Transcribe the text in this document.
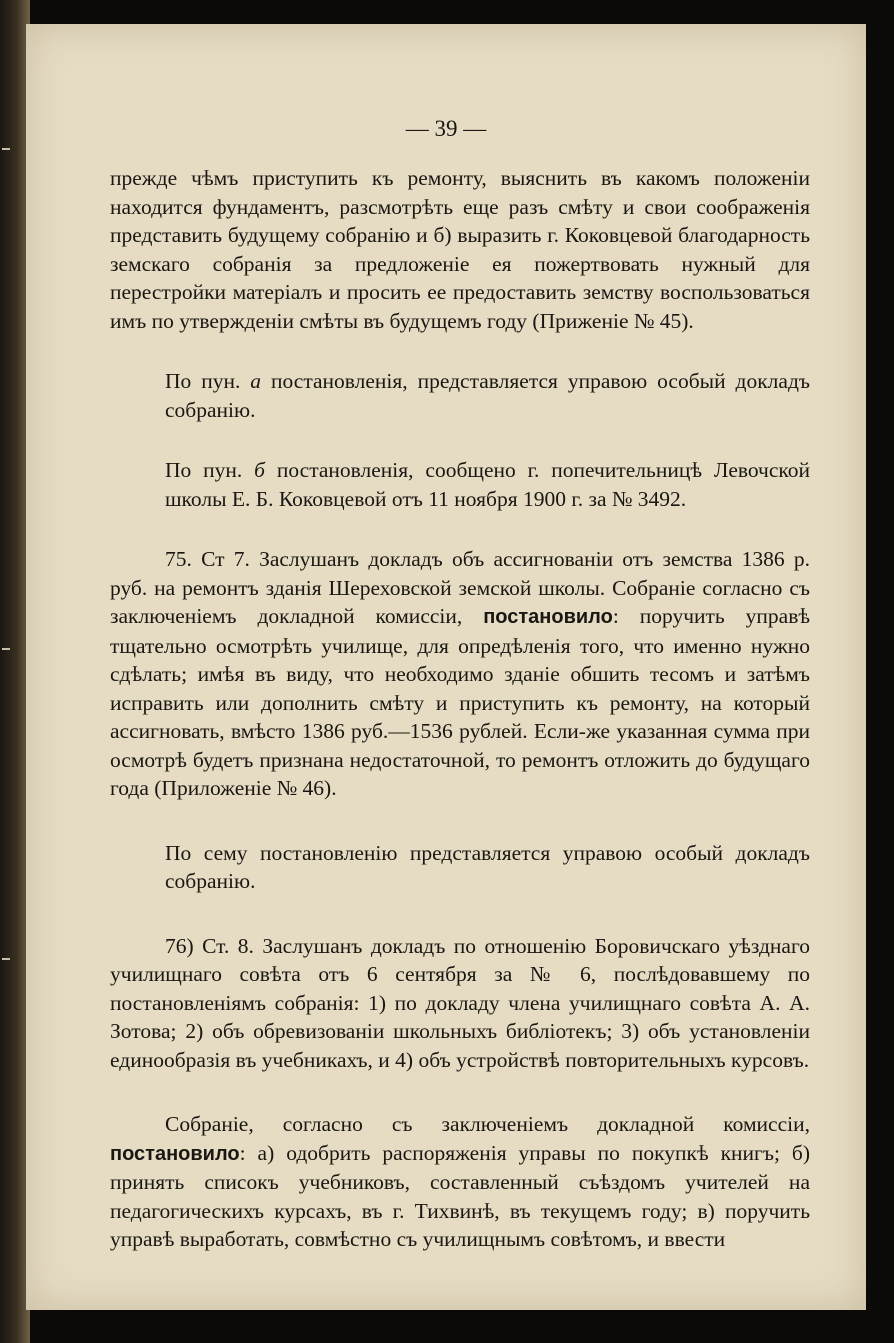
— 39 —

прежде чѣмъ приступить къ ремонту, выяснить въ какомъ положеніи находится фундаментъ, разсмотрѣть еще разъ смѣту и свои соображенія представить будущему собранію и б) выразить г. Коковцевой благодарность земскаго собранія за предложеніе ея пожертвовать нужный для перестройки матеріалъ и просить ее предоставить земству воспользоваться имъ по утвержденіи смѣты въ будущемъ году (Приженіе № 45).

По пун. а постановленія, представляется управою особый докладъ собранію.

По пун. б постановленія, сообщено г. попечительницѣ Левочской школы Е. Б. Коковцевой отъ 11 ноября 1900 г. за № 3492.

75. Ст 7. Заслушанъ докладъ объ ассигнованіи отъ земства 1386 р. руб. на ремонтъ зданія Шереховской земской школы. Собраніе согласно съ заключеніемъ докладной комиссіи, постановило: поручить управѣ тщательно осмотрѣть училище, для опредѣленія того, что именно нужно сдѣлать; имѣя въ виду, что необходимо зданіе обшить тесомъ и затѣмъ исправить или дополнить смѣту и приступить къ ремонту, на который ассигновать, вмѣсто 1386 руб.—1536 рублей. Если-же указанная сумма при осмотрѣ будетъ признана недостаточной, то ремонтъ отложить до будущаго года (Приложеніе № 46).

По сему постановленію представляется управою особый докладъ собранію.

76) Ст. 8. Заслушанъ докладъ по отношенію Боровичскаго уѣзднаго училищнаго совѣта отъ 6 сентября за № 6, послѣдовавшему по постановленіямъ собранія: 1) по докладу члена училищнаго совѣта А. А. Зотова; 2) объ обревизованіи школьныхъ библіотекъ; 3) объ установленіи единообразія въ учебникахъ, и 4) объ устройствѣ повторительныхъ курсовъ.

Собраніе, согласно съ заключеніемъ докладной комиссіи, постановило: а) одобрить распоряженія управы по покупкѣ книгъ; б) принять списокъ учебниковъ, составленный съѣздомъ учителей на педагогическихъ курсахъ, въ г. Тихвинѣ, въ текущемъ году; в) поручить управѣ выработать, совмѣстно съ училищнымъ совѣтомъ, и ввести
